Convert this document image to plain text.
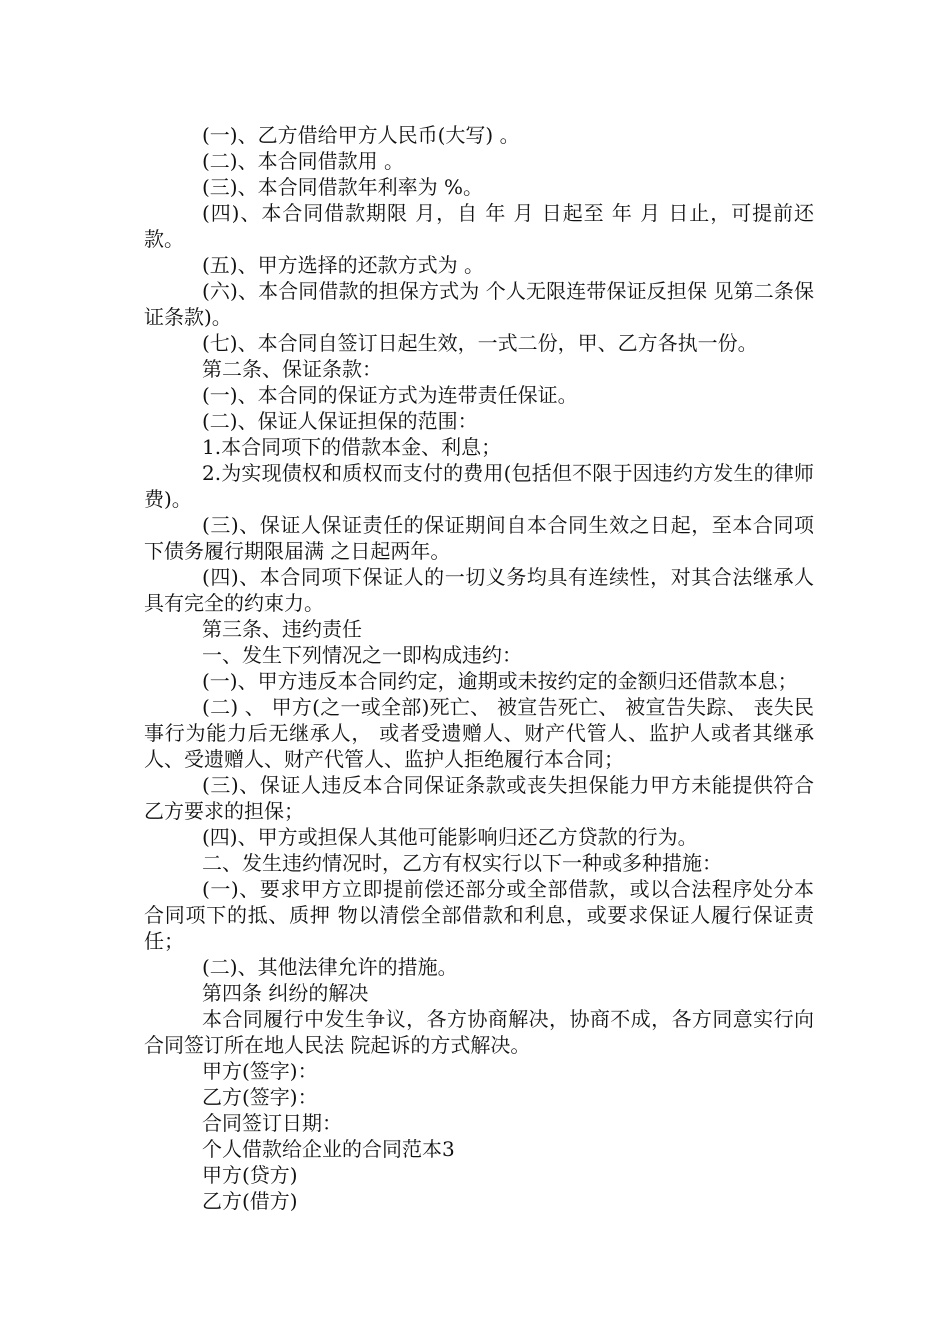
(一)、乙方借给甲方人民币(大写) 。

(二)、本合同借款用 。

(三)、本合同借款年利率为 %。

(四)、本合同借款期限 月，自 年 月 日起至 年 月 日止，可提前还款。

(五)、甲方选择的还款方式为 。

(六)、本合同借款的担保方式为 个人无限连带保证反担保 见第二条保证条款)。

(七)、本合同自签订日起生效，一式二份，甲、乙方各执一份。

第二条、保证条款：

(一)、本合同的保证方式为连带责任保证。

(二)、保证人保证担保的范围：

1.本合同项下的借款本金、利息；

2.为实现债权和质权而支付的费用(包括但不限于因违约方发生的律师费)。

(三)、保证人保证责任的保证期间自本合同生效之日起，至本合同项下债务履行期限届满 之日起两年。

(四)、本合同项下保证人的一切义务均具有连续性，对其合法继承人具有完全的约束力。

第三条、违约责任

一、发生下列情况之一即构成违约：

(一)、甲方违反本合同约定，逾期或未按约定的金额归还借款本息；

(二) 、 甲方(之一或全部)死亡、 被宣告死亡、 被宣告失踪、 丧失民事行为能力后无继承人， 或者受遗赠人、财产代管人、监护人或者其继承人、受遗赠人、财产代管人、监护人拒绝履行本合同；

(三)、保证人违反本合同保证条款或丧失担保能力甲方未能提供符合乙方要求的担保；

(四)、甲方或担保人其他可能影响归还乙方贷款的行为。

二、发生违约情况时，乙方有权实行以下一种或多种措施：

(一)、要求甲方立即提前偿还部分或全部借款，或以合法程序处分本合同项下的抵、质押 物以清偿全部借款和利息，或要求保证人履行保证责任；

(二)、其他法律允许的措施。

第四条 纠纷的解决

本合同履行中发生争议，各方协商解决，协商不成，各方同意实行向合同签订所在地人民法 院起诉的方式解决。

甲方(签字)：

乙方(签字)：

合同签订日期：

个人借款给企业的合同范本3

甲方(贷方)

乙方(借方)
